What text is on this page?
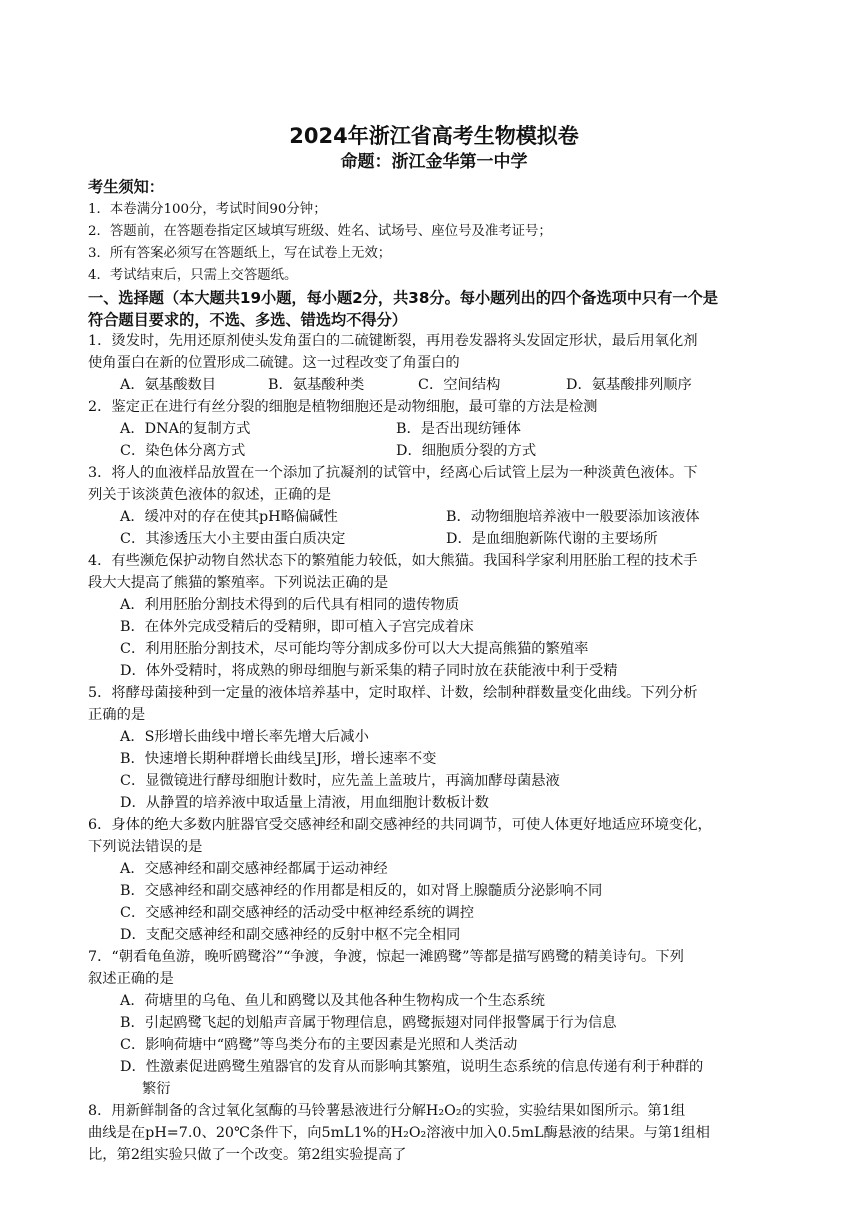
2024年浙江省高考生物模拟卷
命题：浙江金华第一中学
考生须知：
1．本卷满分100分，考试时间90分钟；
2．答题前，在答题卷指定区域填写班级、姓名、试场号、座位号及准考证号；
3．所有答案必须写在答题纸上，写在试卷上无效；
4．考试结束后，只需上交答题纸。
一、选择题（本大题共19小题，每小题2分，共38分。每小题列出的四个备选项中只有一个是
符合题目要求的，不选、多选、错选均不得分）
1．烫发时，先用还原剂使头发角蛋白的二硫键断裂，再用卷发器将头发固定形状，最后用氧化剂
使角蛋白在新的位置形成二硫键。这一过程改变了角蛋白的
A．氨基酸数目	B．氨基酸种类	C．空间结构	D．氨基酸排列顺序
2．鉴定正在进行有丝分裂的细胞是植物细胞还是动物细胞，最可靠的方法是检测
A．DNA的复制方式	B．是否出现纺锤体
C．染色体分离方式	D．细胞质分裂的方式
3．将人的血液样品放置在一个添加了抗凝剂的试管中，经离心后试管上层为一种淡黄色液体。下
列关于该淡黄色液体的叙述，正确的是
A．缓冲对的存在使其pH略偏碱性	B．动物细胞培养液中一般要添加该液体
C．其渗透压大小主要由蛋白质决定	D．是血细胞新陈代谢的主要场所
4．有些濒危保护动物自然状态下的繁殖能力较低，如大熊猫。我国科学家利用胚胎工程的技术手
段大大提高了熊猫的繁殖率。下列说法正确的是
A．利用胚胎分割技术得到的后代具有相同的遗传物质
B．在体外完成受精后的受精卵，即可植入子宫完成着床
C．利用胚胎分割技术，尽可能均等分割成多份可以大大提高熊猫的繁殖率
D．体外受精时，将成熟的卵母细胞与新采集的精子同时放在获能液中利于受精
5．将酵母菌接种到一定量的液体培养基中，定时取样、计数，绘制种群数量变化曲线。下列分析
正确的是
A．S形增长曲线中增长率先增大后减小
B．快速增长期种群增长曲线呈J形，增长速率不变
C．显微镜进行酵母细胞计数时，应先盖上盖玻片，再滴加酵母菌悬液
D．从静置的培养液中取适量上清液，用血细胞计数板计数
6．身体的绝大多数内脏器官受交感神经和副交感神经的共同调节，可使人体更好地适应环境变化，
下列说法错误的是
A．交感神经和副交感神经都属于运动神经
B．交感神经和副交感神经的作用都是相反的，如对肾上腺髓质分泌影响不同
C．交感神经和副交感神经的活动受中枢神经系统的调控
D．支配交感神经和副交感神经的反射中枢不完全相同
7．“朝看龟鱼游，晚听鸥鹭浴”“争渡，争渡，惊起一滩鸥鹭”等都是描写鸥鹭的精美诗句。下列
叙述正确的是
A．荷塘里的乌龟、鱼儿和鸥鹭以及其他各种生物构成一个生态系统
B．引起鸥鹭飞起的划船声音属于物理信息，鸥鹭振翅对同伴报警属于行为信息
C．影响荷塘中“鸥鹭”等鸟类分布的主要因素是光照和人类活动
D．性激素促进鸥鹭生殖器官的发育从而影响其繁殖，说明生态系统的信息传递有利于种群的
繁衍
8．用新鲜制备的含过氧化氢酶的马铃薯悬液进行分解H₂O₂的实验，实验结果如图所示。第1组
曲线是在pH=7.0、20℃条件下，向5mL1%的H₂O₂溶液中加入0.5mL酶悬液的结果。与第1组相
比，第2组实验只做了一个改变。第2组实验提高了
